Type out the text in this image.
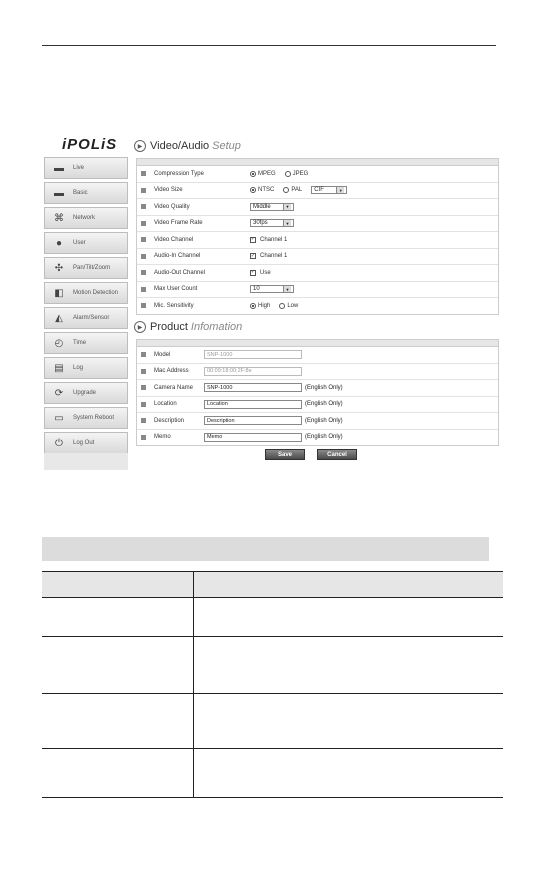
iPOLiS
▬	Live
▬	Basic
⌘	Network
●	User
✣	Pan/Tilt/Zoom
◧	Motion Detection
◭	Alarm/Sensor
◴	Time
▤	Log
⟳	Upgrade
▭	System Reboot
⏻	Log Out
▶ Video/Audio Setup
Compression Type	MPEG	JPEG
Video Size	NTSC	PAL CIF	▼
Video Quality	Middle	▼
Video Frame Rate	30fps	▼
Video Channel	✓ Channel 1
Audio-In Channel	✓ Channel 1
Audio-Out Channel	✓ Use
Max User Count	10	▼
Mic. Sensitivity	High	Low
▶ Product Infomation
Model	SNP-1000
Mac Address	00:09:18:00:2F:8e
Camera Name	SNP-1000	(English Only)
Location	Location	(English Only)
Description	Description	(English Only)
Memo	Memo	(English Only)
Save	Cancel
